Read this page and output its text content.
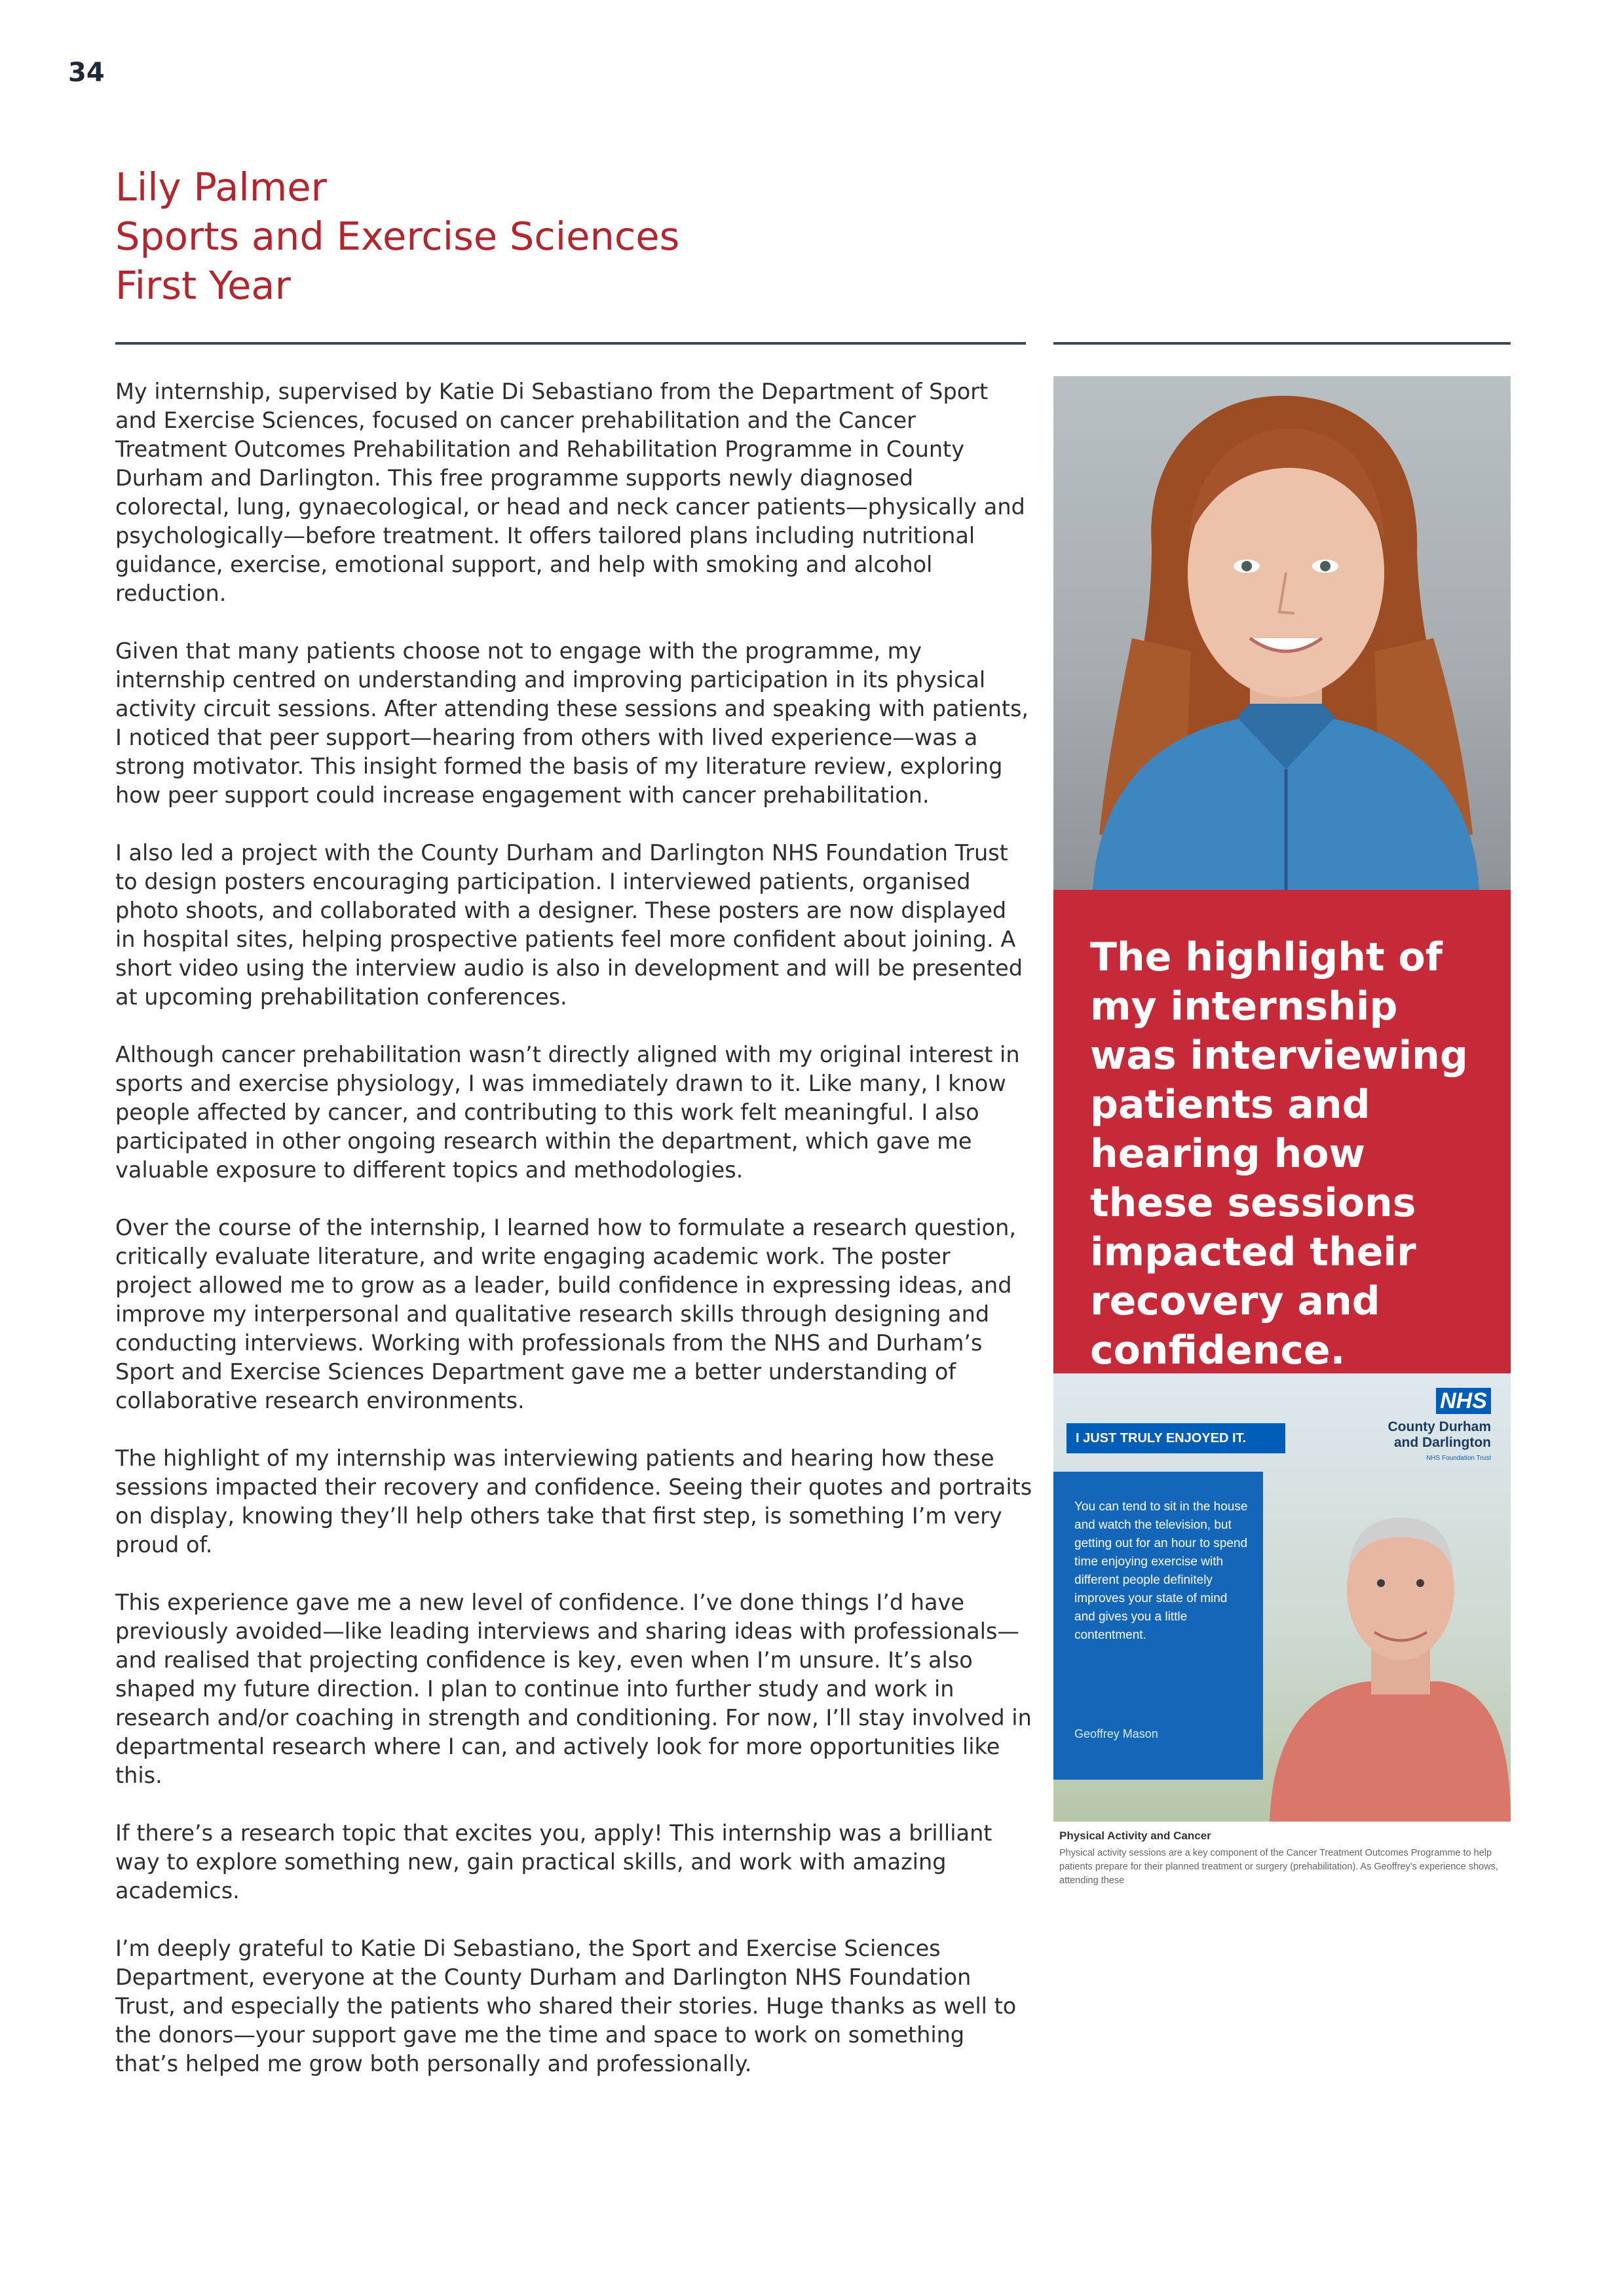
34
Lily Palmer
Sports and Exercise Sciences
First Year

My internship, supervised by Katie Di Sebastiano from the Department of Sport and Exercise Sciences, focused on cancer prehabilitation and the Cancer Treatment Outcomes Prehabilitation and Rehabilitation Programme in County Durham and Darlington. This free programme supports newly diagnosed colorectal, lung, gynaecological, or head and neck cancer patients—physically and psychologically—before treatment. It offers tailored plans including nutritional guidance, exercise, emotional support, and help with smoking and alcohol reduction.

Given that many patients choose not to engage with the programme, my internship centred on understanding and improving participation in its physical activity circuit sessions. After attending these sessions and speaking with patients, I noticed that peer support—hearing from others with lived experience—was a strong motivator. This insight formed the basis of my literature review, exploring how peer support could increase engagement with cancer prehabilitation.

I also led a project with the County Durham and Darlington NHS Foundation Trust to design posters encouraging participation. I interviewed patients, organised photo shoots, and collaborated with a designer. These posters are now displayed in hospital sites, helping prospective patients feel more confident about joining. A short video using the interview audio is also in development and will be presented at upcoming prehabilitation conferences.

Although cancer prehabilitation wasn’t directly aligned with my original interest in sports and exercise physiology, I was immediately drawn to it. Like many, I know people affected by cancer, and contributing to this work felt meaningful. I also participated in other ongoing research within the department, which gave me valuable exposure to different topics and methodologies.

Over the course of the internship, I learned how to formulate a research question, critically evaluate literature, and write engaging academic work. The poster project allowed me to grow as a leader, build confidence in expressing ideas, and improve my interpersonal and qualitative research skills through designing and conducting interviews. Working with professionals from the NHS and Durham’s Sport and Exercise Sciences Department gave me a better understanding of collaborative research environments.

The highlight of my internship was interviewing patients and hearing how these sessions impacted their recovery and confidence. Seeing their quotes and portraits on display, knowing they’ll help others take that first step, is something I’m very proud of.

This experience gave me a new level of confidence. I’ve done things I’d have previously avoided—like leading interviews and sharing ideas with professionals—and realised that projecting confidence is key, even when I’m unsure. It’s also shaped my future direction. I plan to continue into further study and work in research and/or coaching in strength and conditioning. For now, I’ll stay involved in departmental research where I can, and actively look for more opportunities like this.

If there’s a research topic that excites you, apply! This internship was a brilliant way to explore something new, gain practical skills, and work with amazing academics.

I’m deeply grateful to Katie Di Sebastiano, the Sport and Exercise Sciences Department, everyone at the County Durham and Darlington NHS Foundation Trust, and especially the patients who shared their stories. Huge thanks as well to the donors—your support gave me the time and space to work on something that’s helped me grow both personally and professionally.

The highlight of my internship was interviewing patients and hearing how these sessions impacted their recovery and confidence.
NHS
County Durham
and Darlington
NHS Foundation Trust
I JUST TRULY ENJOYED IT.
You can tend to sit in the house and watch the television, but getting out for an hour to spend time enjoying exercise with different people definitely improves your state of mind and gives you a little contentment.
Geoffrey Mason
Physical Activity and Cancer
Physical activity sessions are a key component of the Cancer Treatment Outcomes Programme to help patients prepare for their planned treatment or surgery (prehabilitation). As Geoffrey's experience shows, attending these
